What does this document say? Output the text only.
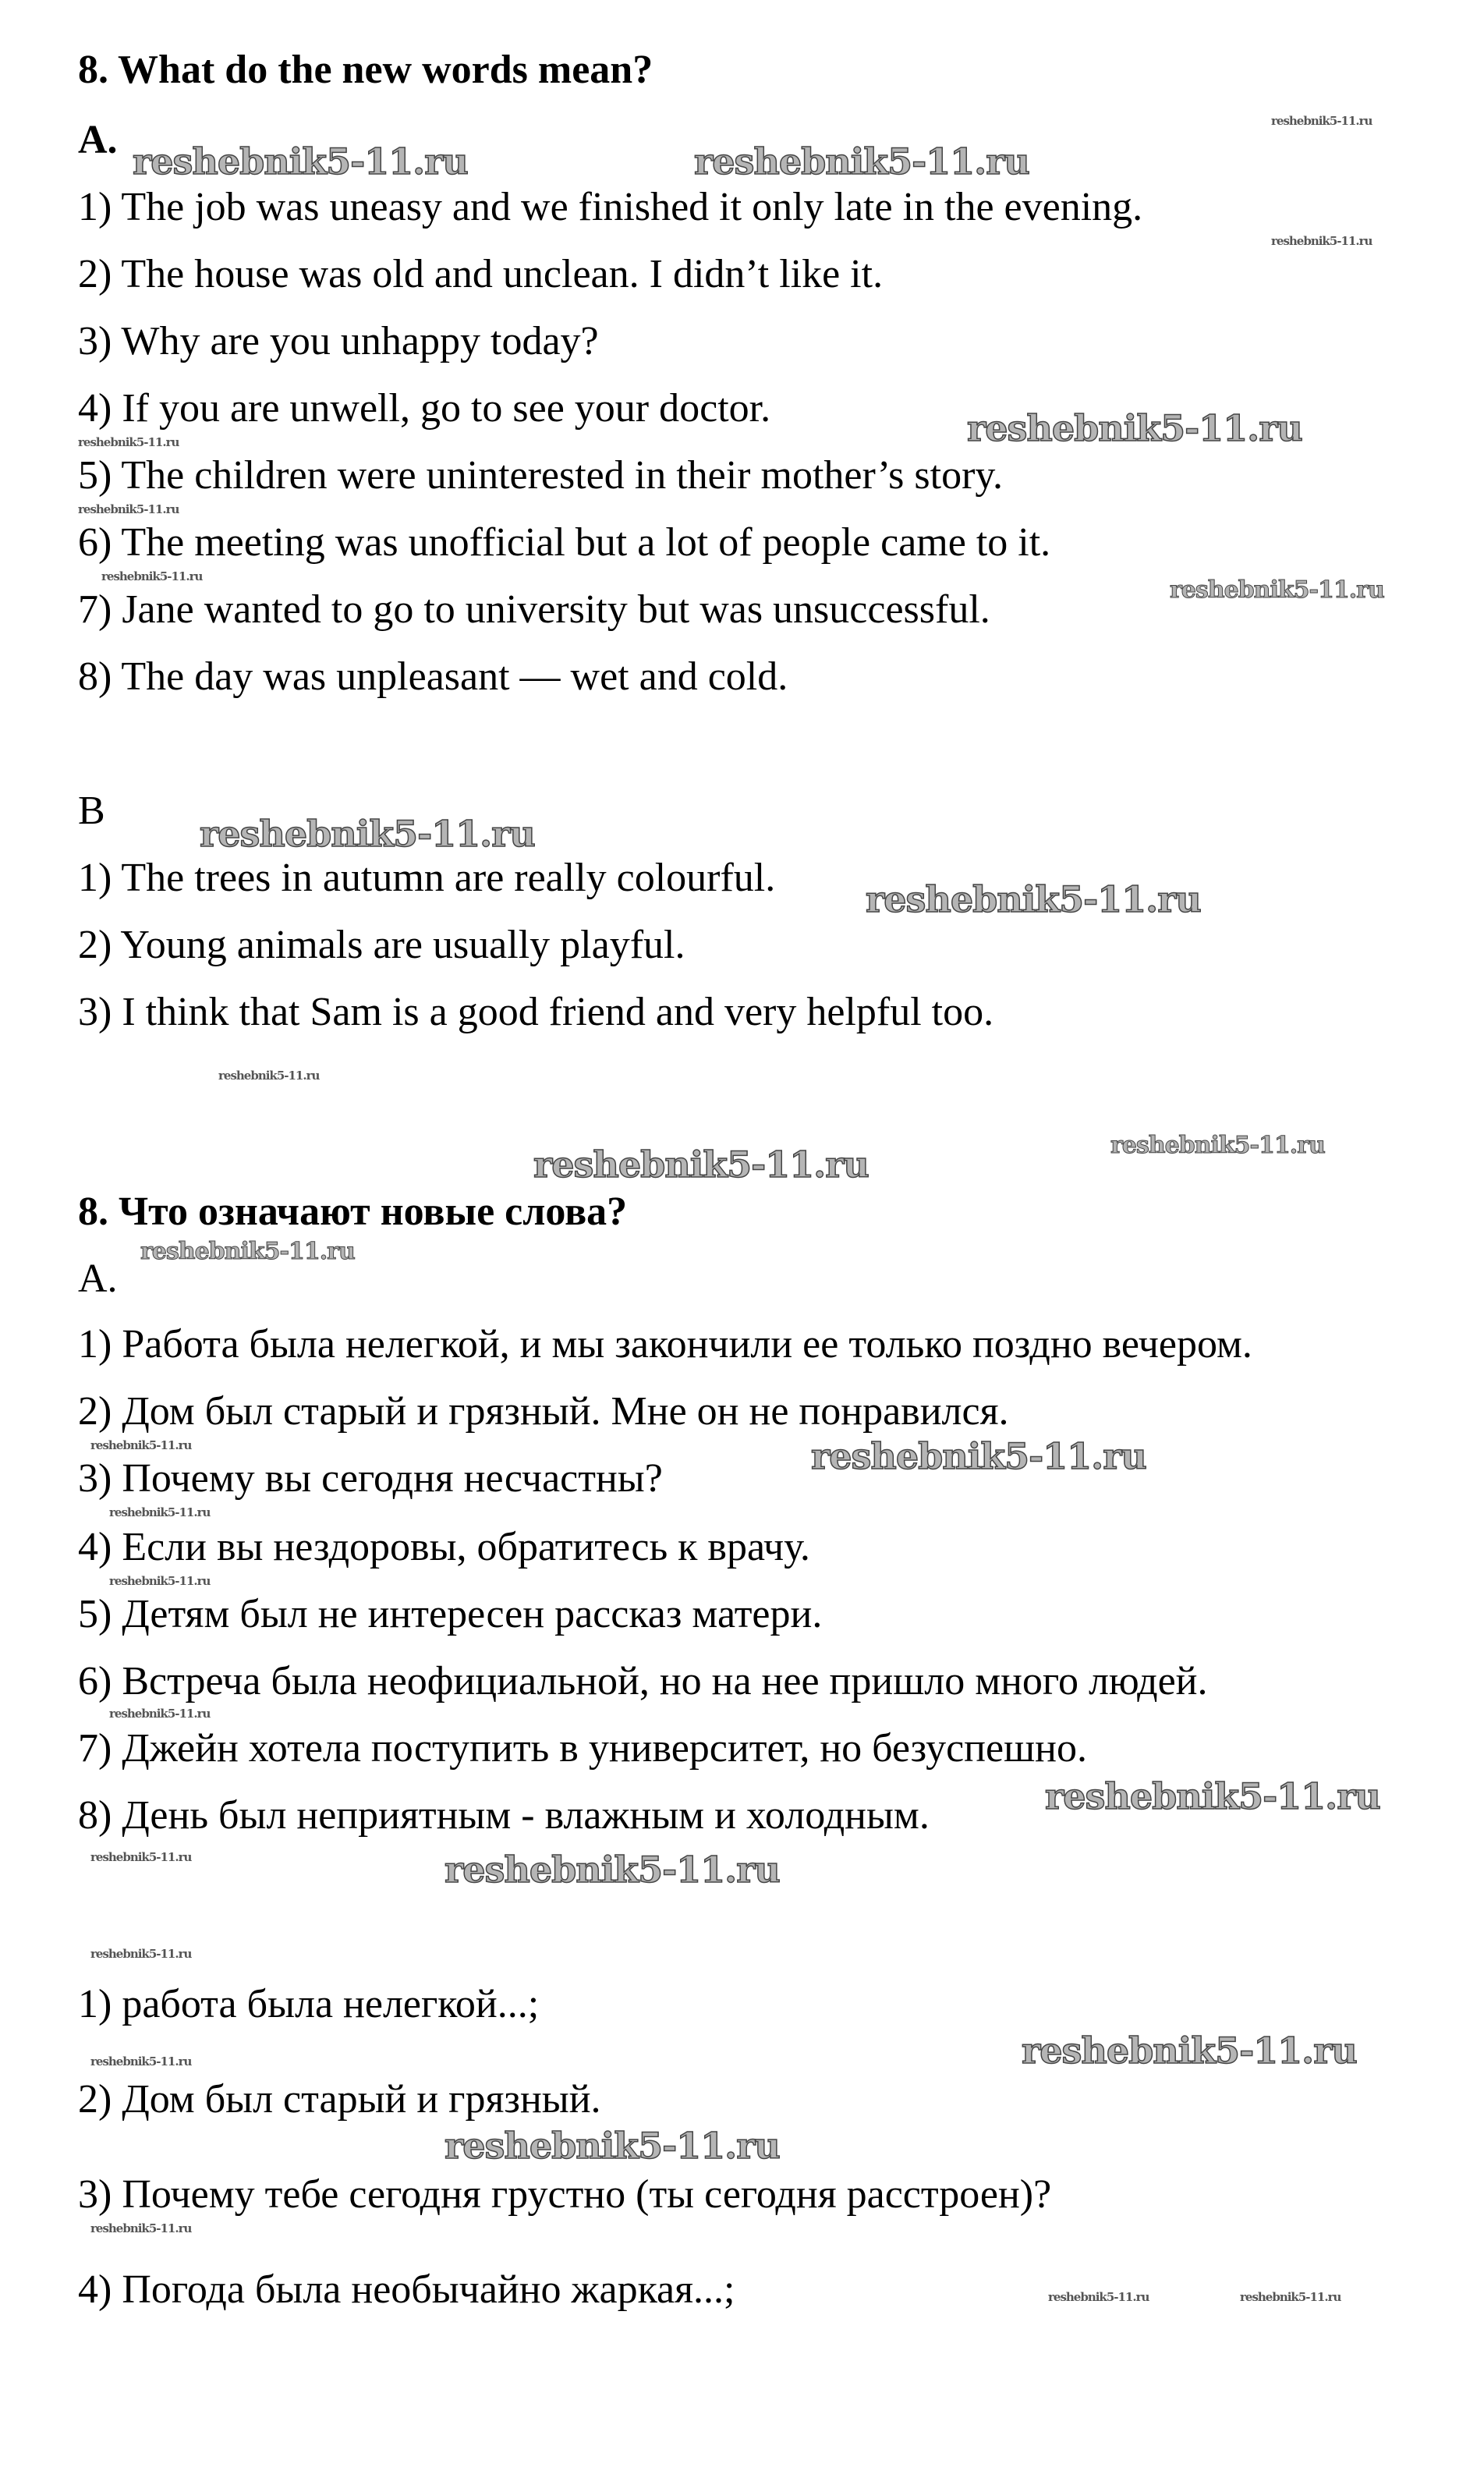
8. What do the new words mean?
A.
1) The job was uneasy and we finished it only late in the evening.
2) The house was old and unclean. I didn’t like it.
3) Why are you unhappy today?
4) If you are unwell, go to see your doctor.
5) The children were uninterested in their mother’s story.
6) The meeting was unofficial but a lot of people came to it.
7) Jane wanted to go to university but was unsuccessful.
8) The day was unpleasant — wet and cold.
B
1) The trees in autumn are really colourful.
2) Young animals are usually playful.
3) I think that Sam is a good friend and very helpful too.
8. Что означают новые слова?
А.
1) Работа была нелегкой, и мы закончили ее только поздно вечером.
2) Дом был старый и грязный. Мне он не понравился.
3) Почему вы сегодня несчастны?
4) Если вы нездоровы, обратитесь к врачу.
5) Детям был не интересен рассказ матери.
6) Встреча была неофициальной, но на нее пришло много людей.
7) Джейн хотела поступить в университет, но безуспешно.
8) День был неприятным - влажным и холодным.
1) работа была нелегкой...;
2) Дом был старый и грязный.
3) Почему тебе сегодня грустно (ты сегодня расстроен)?
4) Погода была необычайно жаркая...;
reshebnik5-11.ru	reshebnik5-11.ru
reshebnik5-11.ru
reshebnik5-11.ru
reshebnik5-11.ru
reshebnik5-11.ru
reshebnik5-11.ru
reshebnik5-11.ru
reshebnik5-11.ru
reshebnik5-11.ru
reshebnik5-11.ru
reshebnik5-11.ru
reshebnik5-11.ru
reshebnik5-11.ru
reshebnik5-11.ru
reshebnik5-11.ru
reshebnik5-11.ru
reshebnik5-11.ru
reshebnik5-11.ru
reshebnik5-11.ru
reshebnik5-11.ru
reshebnik5-11.ru
reshebnik5-11.ru
reshebnik5-11.ru
reshebnik5-11.ru
reshebnik5-11.ru
reshebnik5-11.ru
reshebnik5-11.ru
reshebnik5-11.ru	reshebnik5-11.ru
